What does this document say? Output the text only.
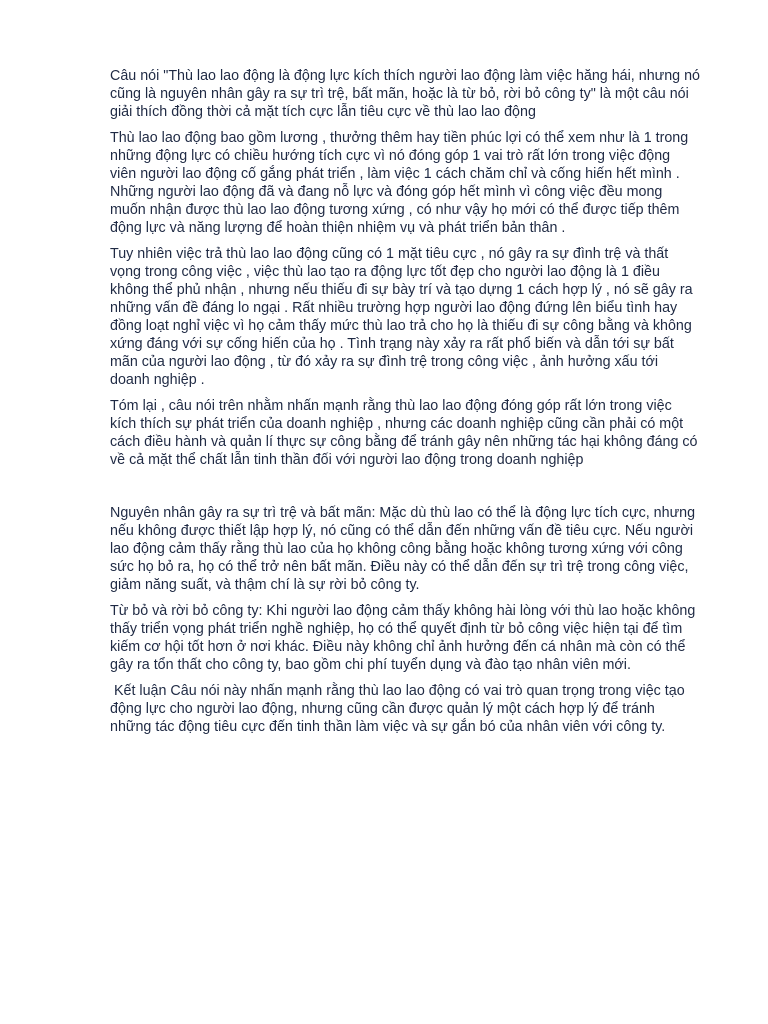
Câu nói "Thù lao lao động là động lực kích thích người lao động làm việc hăng hái, nhưng nó cũng là nguyên nhân gây ra sự trì trệ, bất mãn, hoặc là từ bỏ, rời bỏ công ty" là một câu nói giải thích đồng thời cả mặt tích cực lẫn tiêu cực về thù lao lao động

Thù lao lao động bao gồm lương , thưởng thêm hay tiền phúc lợi có thể xem như là 1 trong những động lực có chiều hướng tích cực vì nó đóng góp 1 vai trò rất lớn trong việc động viên người lao động cố gắng phát triển , làm việc 1 cách chăm chỉ và cống hiến hết mình . Những người lao động đã và đang nỗ lực và đóng góp hết mình vì công việc đều mong muốn nhận được thù lao lao động tương xứng , có như vậy họ mới có thể được tiếp thêm động lực và năng lượng để hoàn thiện nhiệm vụ và phát triển bản thân .

Tuy nhiên việc trả thù lao lao động cũng có 1 mặt tiêu cực , nó gây ra sự đình trệ và thất vọng trong công việc , việc thù lao tạo ra động lực tốt đẹp cho người lao động là 1 điều không thể phủ nhận , nhưng nếu thiếu đi sự bày trí và tạo dựng 1 cách hợp lý , nó sẽ gây ra những vấn đề đáng lo ngại . Rất nhiều trường hợp người lao động đứng lên biểu tình hay đồng loạt nghỉ việc vì họ cảm thấy mức thù lao trả cho họ là thiếu đi sự công bằng và không xứng đáng với sự cống hiến của họ . Tình trạng này xảy ra rất phổ biến và dẫn tới sự bất mãn của người lao động , từ đó xảy ra sự đình trệ trong công việc , ảnh hưởng xấu tới doanh nghiệp .

Tóm lại , câu nói trên nhằm nhấn mạnh rằng thù lao lao động đóng góp rất lớn trong việc kích thích sự phát triển của doanh nghiệp , nhưng các doanh nghiệp cũng cần phải có một cách điều hành và quản lí thực sự công bằng để tránh gây nên những tác hại không đáng có về cả mặt thể chất lẫn tinh thần đối với người lao động trong doanh nghiệp

Nguyên nhân gây ra sự trì trệ và bất mãn: Mặc dù thù lao có thể là động lực tích cực, nhưng nếu không được thiết lập hợp lý, nó cũng có thể dẫn đến những vấn đề tiêu cực. Nếu người lao động cảm thấy rằng thù lao của họ không công bằng hoặc không tương xứng với công sức họ bỏ ra, họ có thể trở nên bất mãn. Điều này có thể dẫn đến sự trì trệ trong công việc, giảm năng suất, và thậm chí là sự rời bỏ công ty.

Từ bỏ và rời bỏ công ty: Khi người lao động cảm thấy không hài lòng với thù lao hoặc không thấy triển vọng phát triển nghề nghiệp, họ có thể quyết định từ bỏ công việc hiện tại để tìm kiếm cơ hội tốt hơn ở nơi khác. Điều này không chỉ ảnh hưởng đến cá nhân mà còn có thể gây ra tổn thất cho công ty, bao gồm chi phí tuyển dụng và đào tạo nhân viên mới.

Kết luận Câu nói này nhấn mạnh rằng thù lao lao động có vai trò quan trọng trong việc tạo động lực cho người lao động, nhưng cũng cần được quản lý một cách hợp lý để tránh những tác động tiêu cực đến tinh thần làm việc và sự gắn bó của nhân viên với công ty.
